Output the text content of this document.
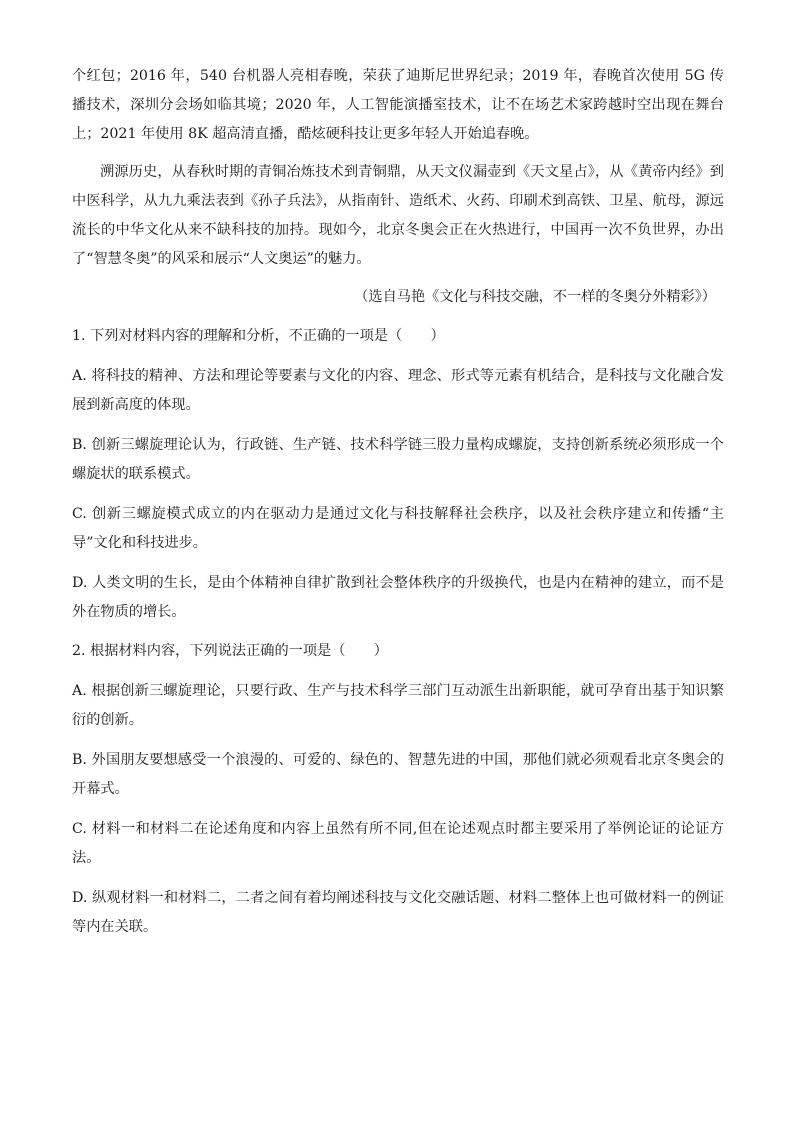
个红包；2016 年，540 台机器人亮相春晚，荣获了迪斯尼世界纪录；2019 年，春晚首次使用 5G 传播技术，深圳分会场如临其境；2020 年，人工智能演播室技术，让不在场艺术家跨越时空出现在舞台上；2021 年使用 8K 超高清直播，酷炫硬科技让更多年轻人开始追春晚。

溯源历史，从春秋时期的青铜冶炼技术到青铜鼎，从天文仪漏壶到《天文星占》，从《黄帝内经》到中医科学，从九九乘法表到《孙子兵法》，从指南针、造纸术、火药、印刷术到高铁、卫星、航母，源远流长的中华文化从来不缺科技的加持。现如今，北京冬奥会正在火热进行，中国再一次不负世界，办出了“智慧冬奥”的风采和展示“人文奥运”的魅力。

（选自马艳《文化与科技交融，不一样的冬奥分外精彩》）

1. 下列对材料内容的理解和分析，不正确的一项是（　　）

A. 将科技的精神、方法和理论等要素与文化的内容、理念、形式等元素有机结合，是科技与文化融合发展到新高度的体现。

B. 创新三螺旋理论认为，行政链、生产链、技术科学链三股力量构成螺旋，支持创新系统必须形成一个螺旋状的联系模式。

C. 创新三螺旋模式成立的内在驱动力是通过文化与科技解释社会秩序，以及社会秩序建立和传播“主导”文化和科技进步。

D. 人类文明的生长，是由个体精神自律扩散到社会整体秩序的升级换代，也是内在精神的建立，而不是外在物质的增长。

2. 根据材料内容，下列说法正确的一项是（　　）

A. 根据创新三螺旋理论，只要行政、生产与技术科学三部门互动派生出新职能，就可孕育出基于知识繁衍的创新。

B. 外国朋友要想感受一个浪漫的、可爱的、绿色的、智慧先进的中国，那他们就必须观看北京冬奥会的开幕式。

C. 材料一和材料二在论述角度和内容上虽然有所不同,但在论述观点时都主要采用了举例论证的论证方法。

D. 纵观材料一和材料二，二者之间有着均阐述科技与文化交融话题、材料二整体上也可做材料一的例证等内在关联。
